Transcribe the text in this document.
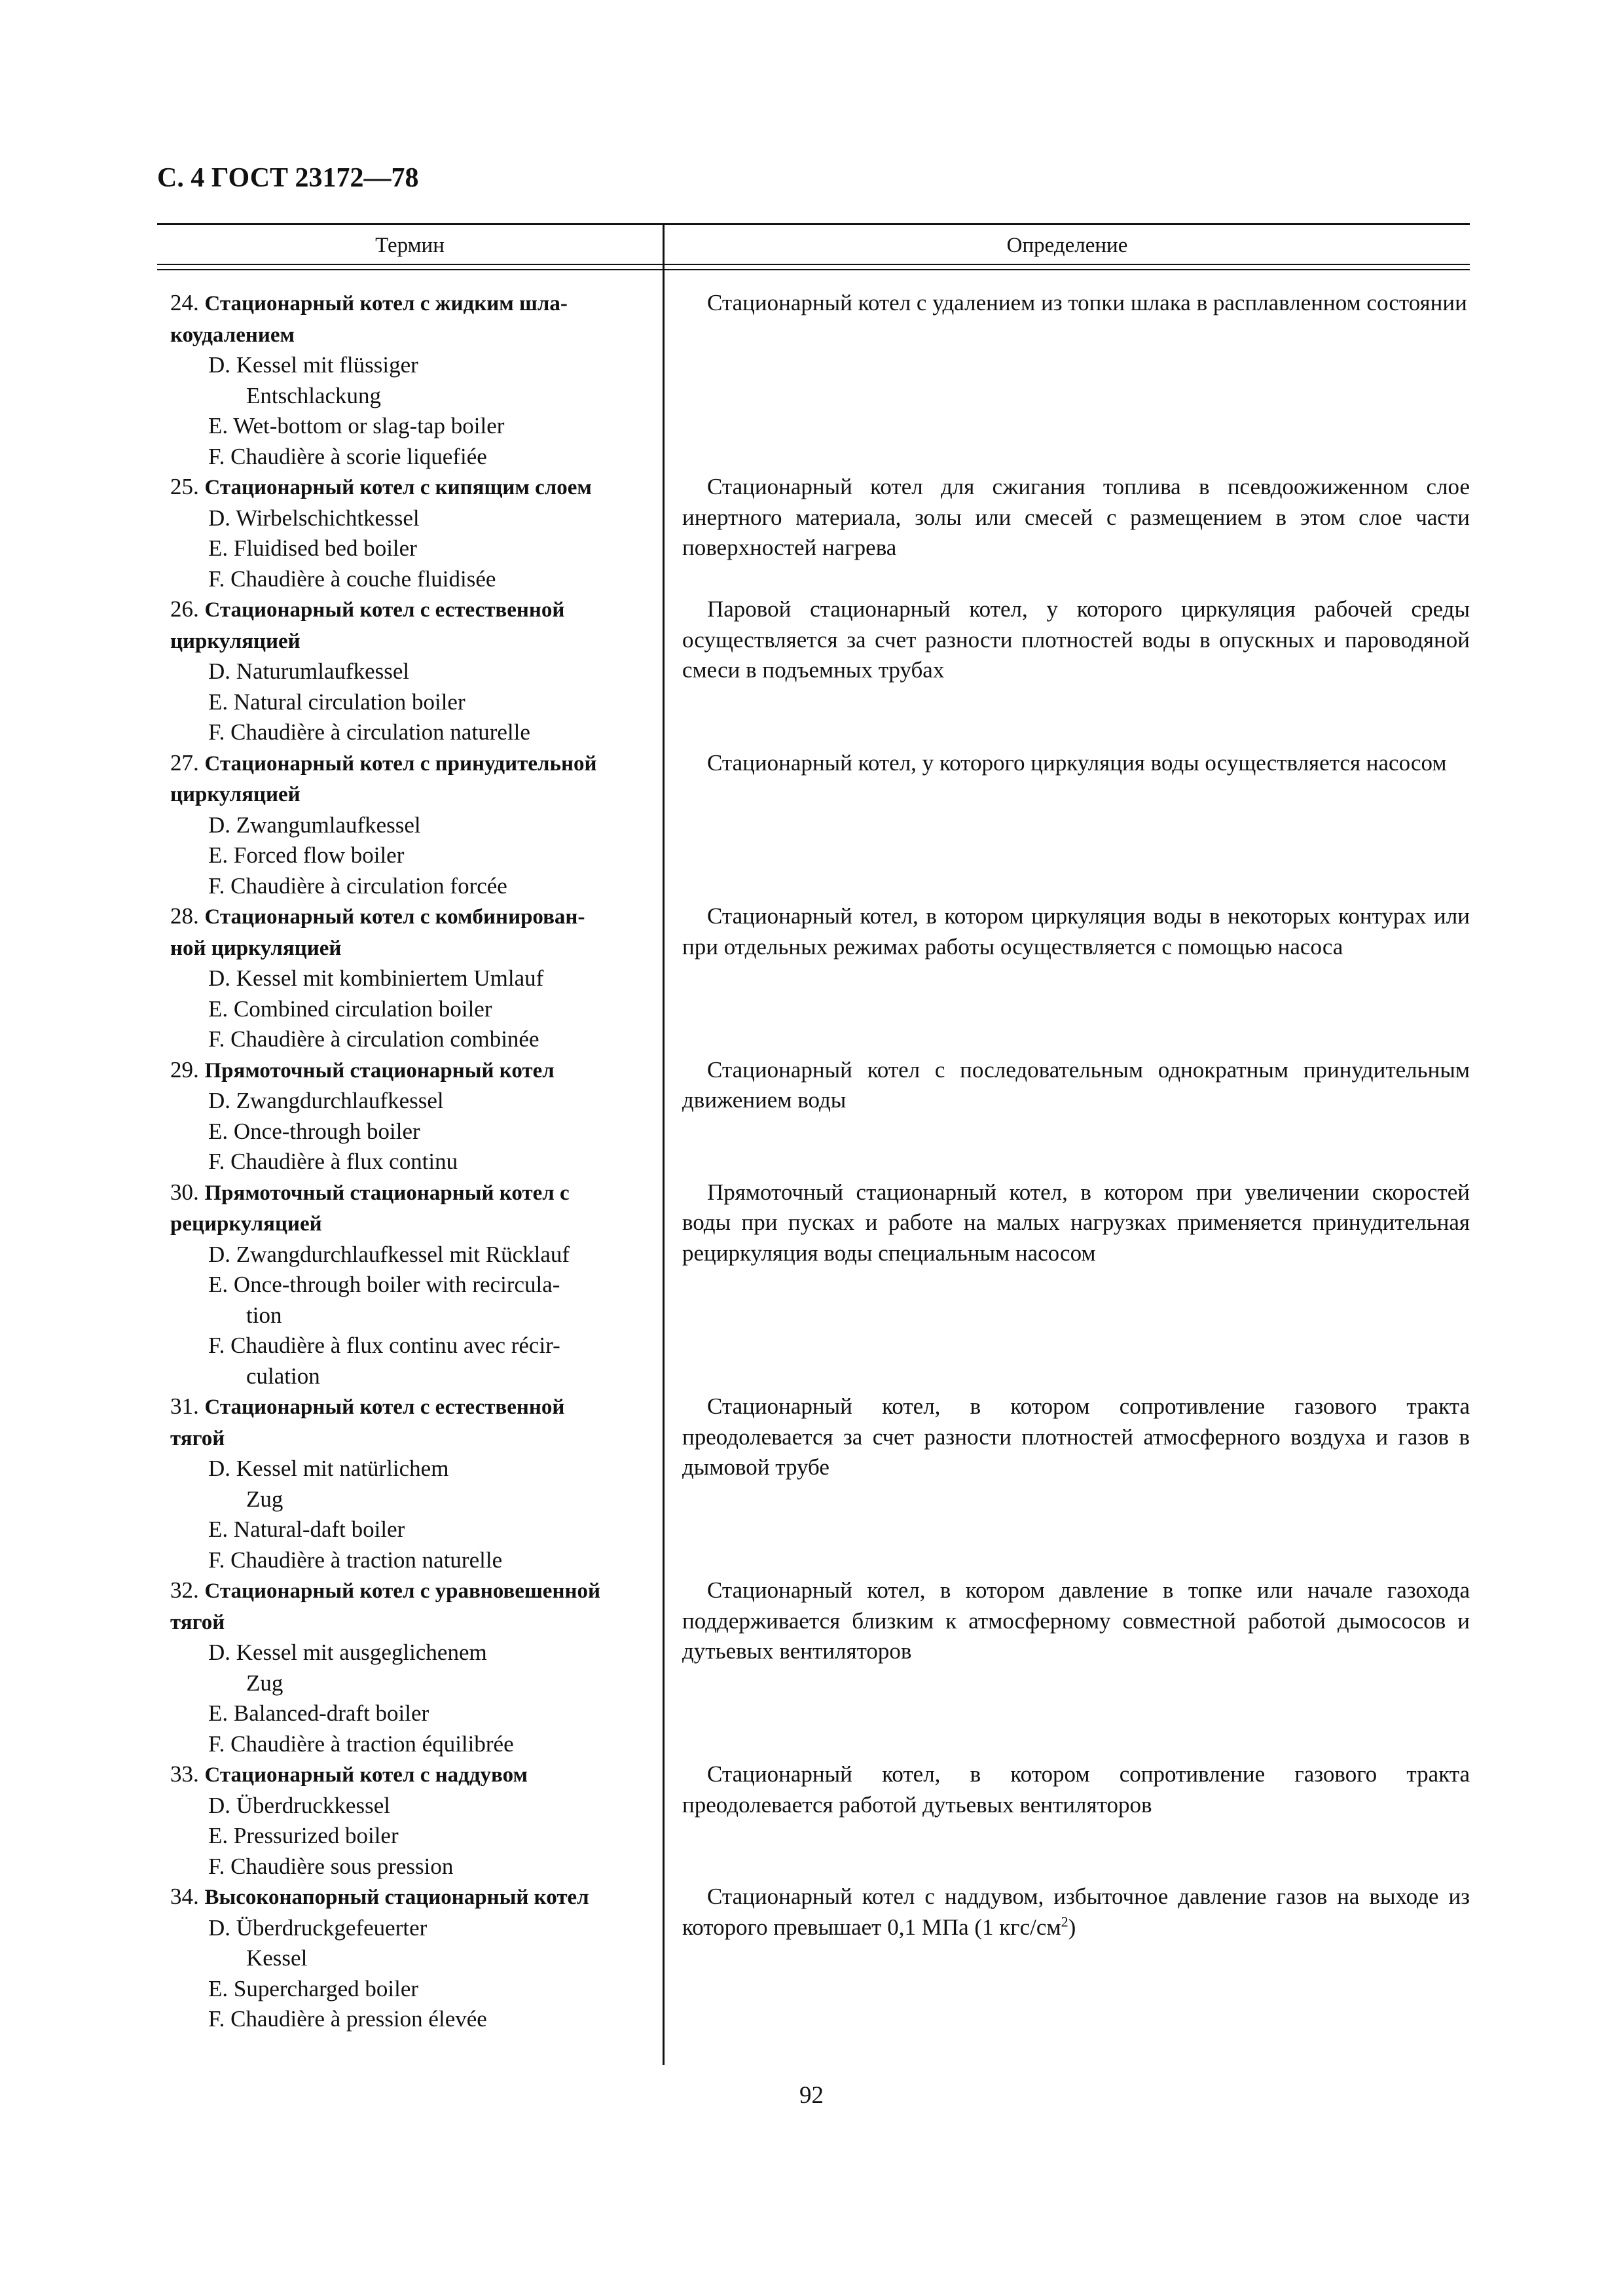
С. 4 ГОСТ 23172—78
Термин	Определение
24. Стационарный котел с жидким шла-
коудалением
D. Kessel mit flüssiger
Entschlackung
E. Wet-bottom or slag-tap boiler
F. Chaudière à scorie liquefiée

Стационарный котел с удалением из топки шлака в расплавленном состоянии

25. Стационарный котел с кипящим слоем
D. Wirbelschichtkessel
E. Fluidised bed boiler
F. Chaudière à couche fluidisée

Стационарный котел для сжигания топлива в псевдоожиженном слое инертного материала, золы или смесей с размещением в этом слое части поверхностей нагрева

26. Стационарный котел с естественной
циркуляцией
D. Naturumlaufkessel
E. Natural circulation boiler
F. Chaudière à circulation naturelle

Паровой стационарный котел, у которого циркуляция рабочей среды осуществляется за счет разности плотностей воды в опускных и пароводяной смеси в подъемных трубах

27. Стационарный котел с принудительной
циркуляцией
D. Zwangumlaufkessel
E. Forced flow boiler
F. Chaudière à circulation forcée

Стационарный котел, у которого циркуляция воды осуществляется насосом

28. Стационарный котел с комбинирован-
ной циркуляцией
D. Kessel mit kombiniertem Umlauf
E. Combined circulation boiler
F. Chaudière à circulation combinée

Стационарный котел, в котором циркуляция воды в некоторых контурах или при отдельных режимах работы осуществляется с помощью насоса

29. Прямоточный стационарный котел
D. Zwangdurchlaufkessel
E. Once-through boiler
F. Chaudière à flux continu

Стационарный котел с последовательным однократным принудительным движением воды

30. Прямоточный стационарный котел с
рециркуляцией
D. Zwangdurchlaufkessel mit Rücklauf
E. Once-through boiler with recircula-
tion
F. Chaudière à flux continu avec récir-
culation

Прямоточный стационарный котел, в котором при увеличении скоростей воды при пусках и работе на малых нагрузках применяется принудительная рециркуляция воды специальным насосом

31. Стационарный котел с естественной
тягой
D. Kessel mit natürlichem
Zug
E. Natural-daft boiler
F. Chaudière à traction naturelle

Стационарный котел, в котором сопротивление газового тракта преодолевается за счет разности плотностей атмосферного воздуха и газов в дымовой трубе

32. Стационарный котел с уравновешенной
тягой
D. Kessel mit ausgeglichenem
Zug
E. Balanced-draft boiler
F. Chaudière à traction équilibrée

Стационарный котел, в котором давление в топке или начале газохода поддерживается близким к атмосферному совместной работой дымососов и дутьевых вентиляторов

33. Стационарный котел с наддувом
D. Überdruckkessel
E. Pressurized boiler
F. Chaudière sous pression

Стационарный котел, в котором сопротивление газового тракта преодолевается работой дутьевых вентиляторов

34. Высоконапорный стационарный котел
D. Überdruckgefeuerter
Kessel
E. Supercharged boiler
F. Chaudière à pression élevée

Стационарный котел с наддувом, избыточное давление газов на выходе из которого превышает 0,1 МПа (1 кгс/$см^2$)

92
